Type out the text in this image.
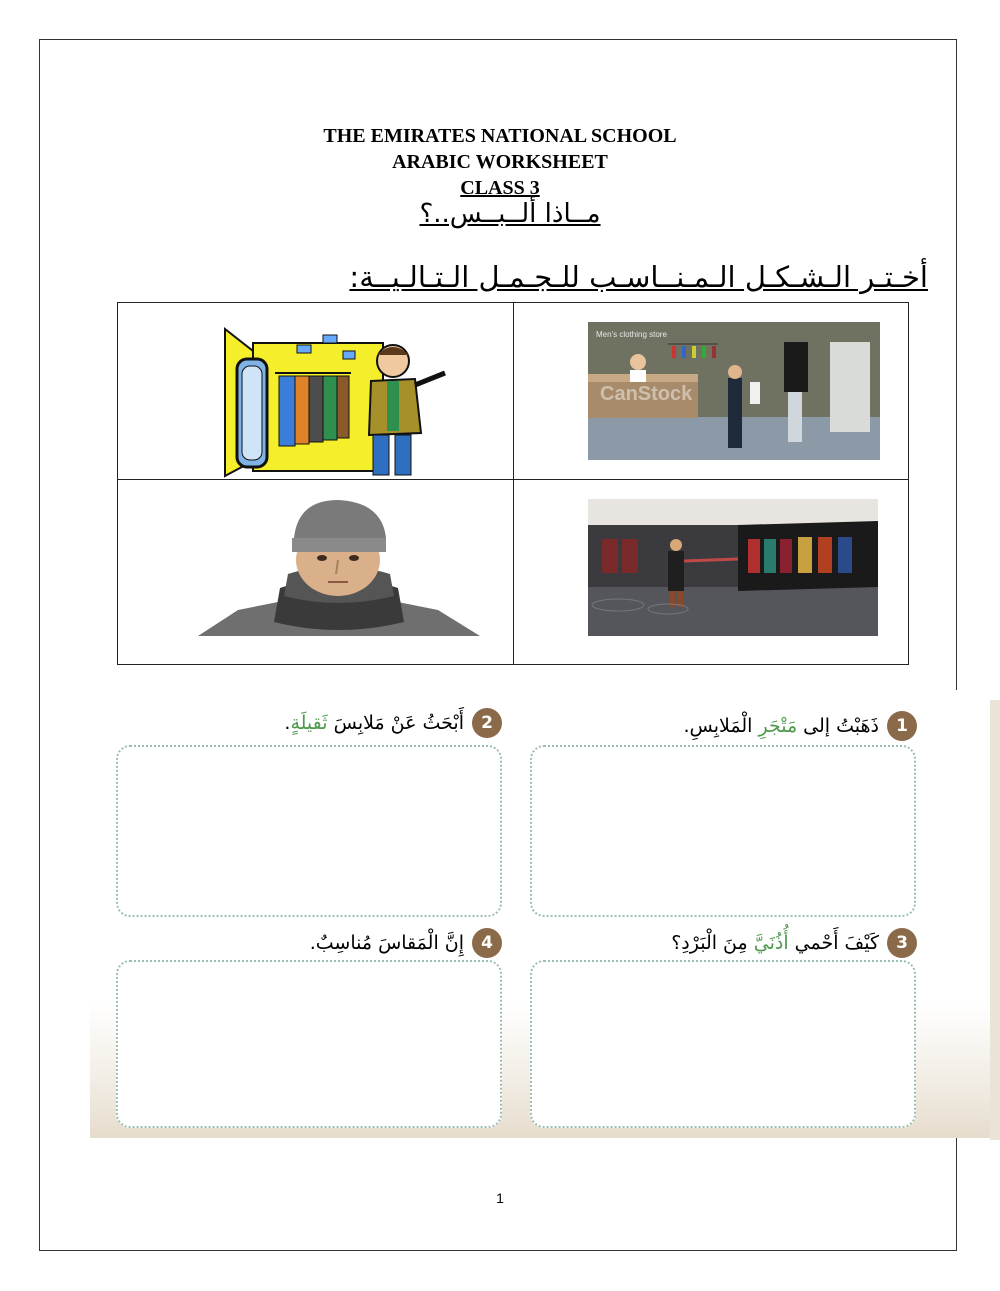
THE EMIRATES NATIONAL SCHOOL
ARABIC WORKSHEET
CLASS 3
مــاذا ألــبــس..؟
أخـتـر الـشـكـل الـمـنــاسـب للـجـمـل الـتـالـيــة:
Men's clothing store
CanStock
1
ذَهَبْتُ إلى مَتْجَرِ الْمَلابِسِ.
2
أَبْحَثُ عَنْ مَلابِسَ ثَقيلَةٍ.
3
كَيْفَ أَحْمي أُذُنَيَّ مِنَ الْبَرْدِ؟
4
إِنَّ الْمَقاسَ مُناسِبٌ.
1
